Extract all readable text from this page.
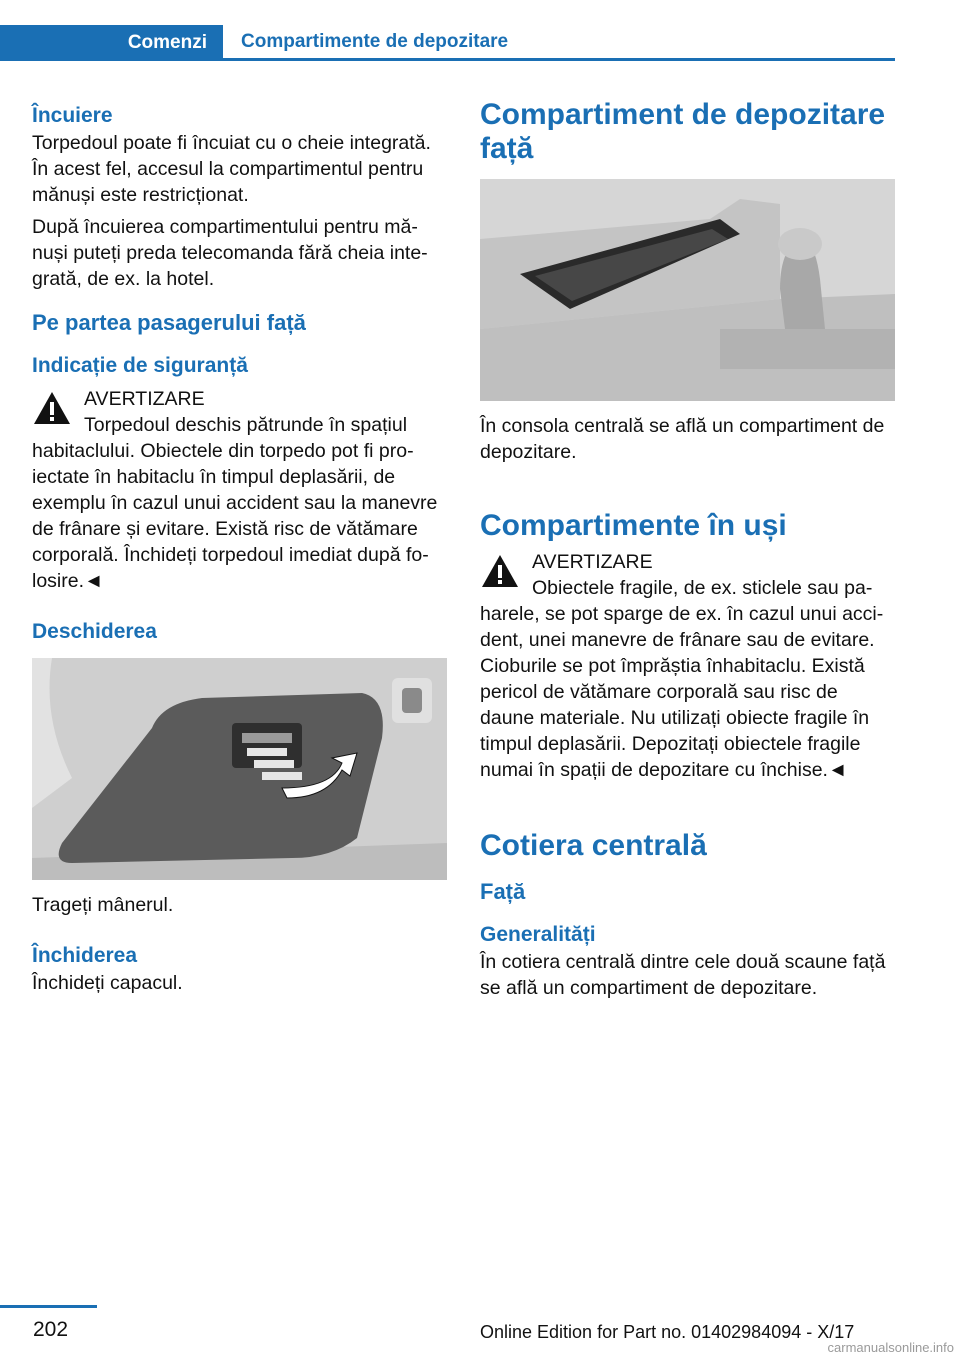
Comenzi	Compartimente de depozitare

Încuiere

Torpedoul poate fi încuiat cu o cheie integrată. În acest fel, accesul la compartimentul pentru mănuși este restricționat.

După încuierea compartimentului pentru mănuși puteți preda telecomanda fără cheia integrată, de ex. la hotel.

Pe partea pasagerului față

Indicație de siguranță

AVERTIZARE

Torpedoul deschis pătrunde în spațiul habitaclului. Obiectele din torpedo pot fi proiectate în habitaclu în timpul deplasării, de exemplu în cazul unui accident sau la manevre de frânare și evitare. Există risc de vătămare corporală. Închideți torpedoul imediat după folosire.◄

Deschiderea

Trageți mânerul.

Închiderea

Închideți capacul.

Compartiment de depozitare față

În consola centrală se află un compartiment de depozitare.

Compartimente în uși

AVERTIZARE

Obiectele fragile, de ex. sticlele sau paharele, se pot sparge de ex. în cazul unui accident, unei manevre de frânare sau de evitare. Cioburile se pot împrăștia înhabitaclu. Există pericol de vătămare corporală sau risc de daune materiale. Nu utilizați obiecte fragile în timpul deplasării. Depozitați obiectele fragile numai în spații de depozitare cu închise.◄

Cotiera centrală

Față

Generalități

În cotiera centrală dintre cele două scaune față se află un compartiment de depozitare.

202	Online Edition for Part no. 01402984094 - X/17
carmanualsonline.info
